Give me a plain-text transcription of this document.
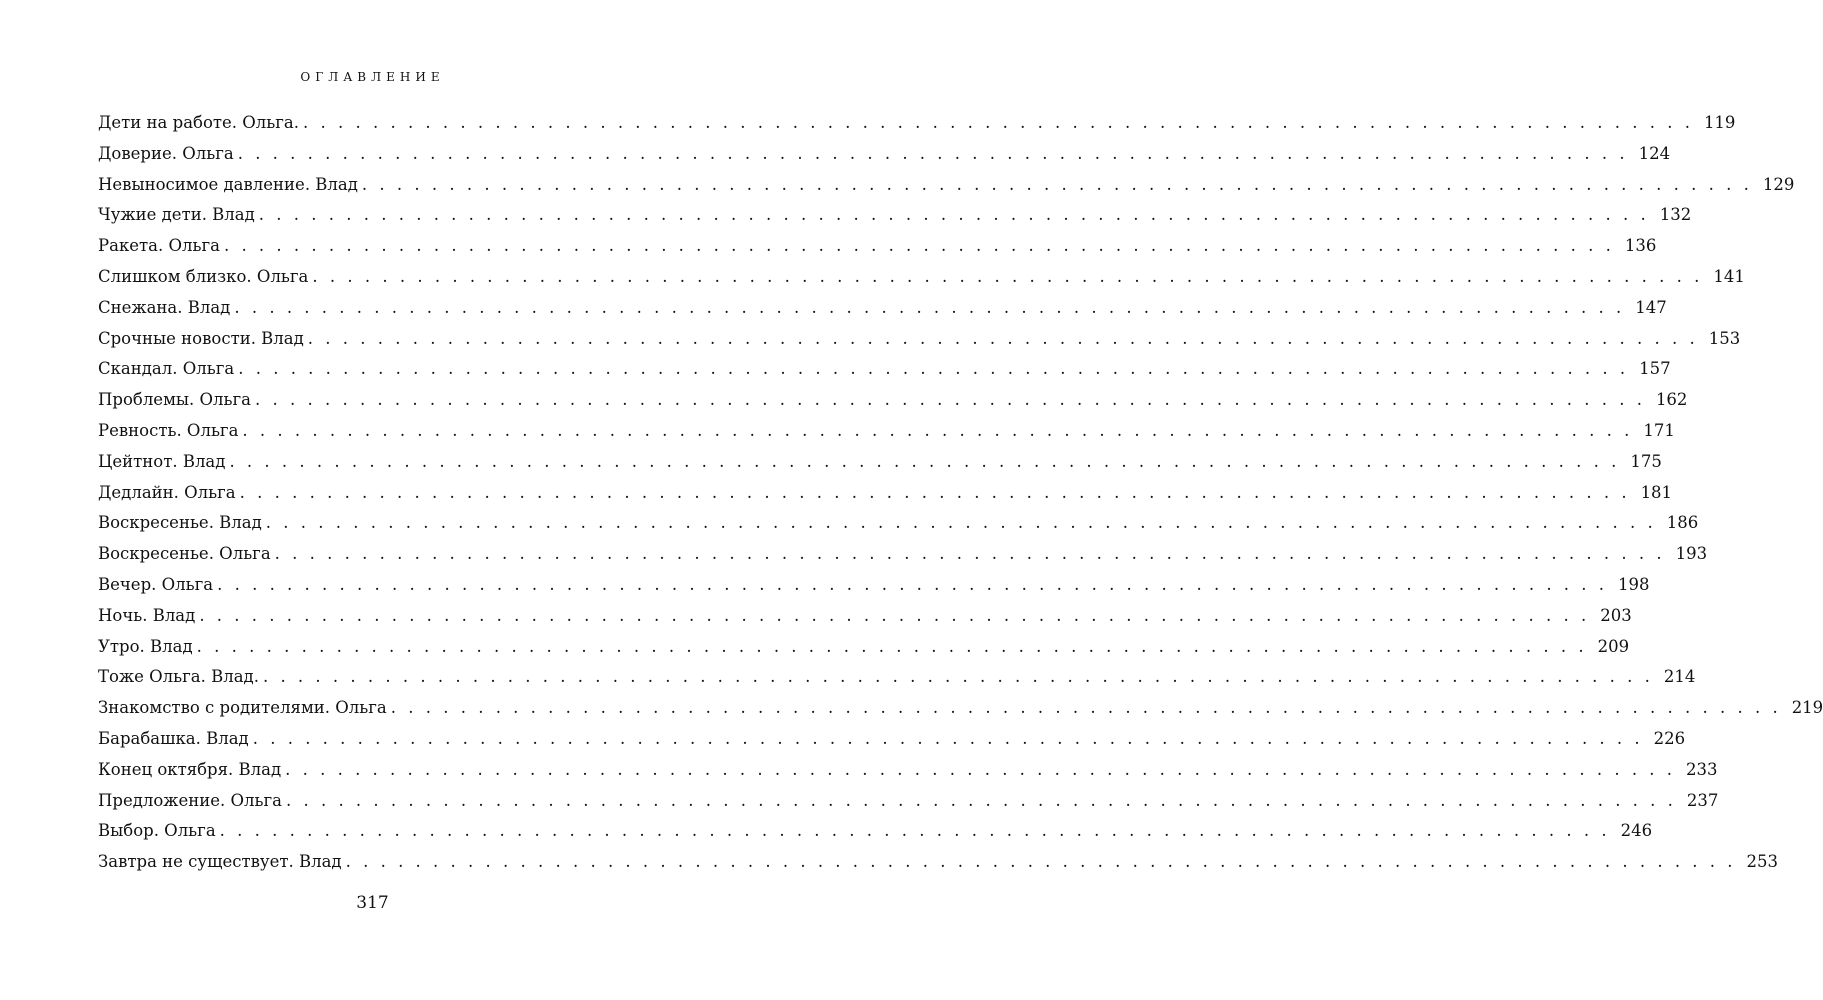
ОГЛАВЛЕНИЕ
Дети на работе. Ольга. . . . . . . . . . . . . . . . . . . . . . . . . . . . . . . . . . . . . . . . . . . . . . . . . . . . . . . . . . . . . . . . . . . . . . . . . . . . . . . . . 119
Доверие. Ольга . . . . . . . . . . . . . . . . . . . . . . . . . . . . . . . . . . . . . . . . . . . . . . . . . . . . . . . . . . . . . . . . . . . . . . . . . . . . . . . . 124
Невыносимое давление. Влад . . . . . . . . . . . . . . . . . . . . . . . . . . . . . . . . . . . . . . . . . . . . . . . . . . . . . . . . . . . . . . . . . . . . . . . . . . . . . . . . 129
Чужие дети. Влад . . . . . . . . . . . . . . . . . . . . . . . . . . . . . . . . . . . . . . . . . . . . . . . . . . . . . . . . . . . . . . . . . . . . . . . . . . . . . . . . 132
Ракета. Ольга . . . . . . . . . . . . . . . . . . . . . . . . . . . . . . . . . . . . . . . . . . . . . . . . . . . . . . . . . . . . . . . . . . . . . . . . . . . . . . . . 136
Слишком близко. Ольга . . . . . . . . . . . . . . . . . . . . . . . . . . . . . . . . . . . . . . . . . . . . . . . . . . . . . . . . . . . . . . . . . . . . . . . . . . . . . . . . 141
Снежана. Влад . . . . . . . . . . . . . . . . . . . . . . . . . . . . . . . . . . . . . . . . . . . . . . . . . . . . . . . . . . . . . . . . . . . . . . . . . . . . . . . . 147
Срочные новости. Влад . . . . . . . . . . . . . . . . . . . . . . . . . . . . . . . . . . . . . . . . . . . . . . . . . . . . . . . . . . . . . . . . . . . . . . . . . . . . . . . . 153
Скандал. Ольга . . . . . . . . . . . . . . . . . . . . . . . . . . . . . . . . . . . . . . . . . . . . . . . . . . . . . . . . . . . . . . . . . . . . . . . . . . . . . . . . 157
Проблемы. Ольга . . . . . . . . . . . . . . . . . . . . . . . . . . . . . . . . . . . . . . . . . . . . . . . . . . . . . . . . . . . . . . . . . . . . . . . . . . . . . . . . 162
Ревность. Ольга . . . . . . . . . . . . . . . . . . . . . . . . . . . . . . . . . . . . . . . . . . . . . . . . . . . . . . . . . . . . . . . . . . . . . . . . . . . . . . . . 171
Цейтнот. Влад . . . . . . . . . . . . . . . . . . . . . . . . . . . . . . . . . . . . . . . . . . . . . . . . . . . . . . . . . . . . . . . . . . . . . . . . . . . . . . . . 175
Дедлайн. Ольга . . . . . . . . . . . . . . . . . . . . . . . . . . . . . . . . . . . . . . . . . . . . . . . . . . . . . . . . . . . . . . . . . . . . . . . . . . . . . . . . 181
Воскресенье. Влад . . . . . . . . . . . . . . . . . . . . . . . . . . . . . . . . . . . . . . . . . . . . . . . . . . . . . . . . . . . . . . . . . . . . . . . . . . . . . . . . 186
Воскресенье. Ольга . . . . . . . . . . . . . . . . . . . . . . . . . . . . . . . . . . . . . . . . . . . . . . . . . . . . . . . . . . . . . . . . . . . . . . . . . . . . . . . . 193
Вечер. Ольга . . . . . . . . . . . . . . . . . . . . . . . . . . . . . . . . . . . . . . . . . . . . . . . . . . . . . . . . . . . . . . . . . . . . . . . . . . . . . . . . 198
Ночь. Влад . . . . . . . . . . . . . . . . . . . . . . . . . . . . . . . . . . . . . . . . . . . . . . . . . . . . . . . . . . . . . . . . . . . . . . . . . . . . . . . . 203
Утро. Влад . . . . . . . . . . . . . . . . . . . . . . . . . . . . . . . . . . . . . . . . . . . . . . . . . . . . . . . . . . . . . . . . . . . . . . . . . . . . . . . . 209
Тоже Ольга. Влад. . . . . . . . . . . . . . . . . . . . . . . . . . . . . . . . . . . . . . . . . . . . . . . . . . . . . . . . . . . . . . . . . . . . . . . . . . . . . . . . . 214
Знакомство с родителями. Ольга . . . . . . . . . . . . . . . . . . . . . . . . . . . . . . . . . . . . . . . . . . . . . . . . . . . . . . . . . . . . . . . . . . . . . . . . . . . . . . . . 219
Барабашка. Влад . . . . . . . . . . . . . . . . . . . . . . . . . . . . . . . . . . . . . . . . . . . . . . . . . . . . . . . . . . . . . . . . . . . . . . . . . . . . . . . . 226
Конец октября. Влад . . . . . . . . . . . . . . . . . . . . . . . . . . . . . . . . . . . . . . . . . . . . . . . . . . . . . . . . . . . . . . . . . . . . . . . . . . . . . . . . 233
Предложение. Ольга . . . . . . . . . . . . . . . . . . . . . . . . . . . . . . . . . . . . . . . . . . . . . . . . . . . . . . . . . . . . . . . . . . . . . . . . . . . . . . . . 237
Выбор. Ольга . . . . . . . . . . . . . . . . . . . . . . . . . . . . . . . . . . . . . . . . . . . . . . . . . . . . . . . . . . . . . . . . . . . . . . . . . . . . . . . . 246
Завтра не существует. Влад . . . . . . . . . . . . . . . . . . . . . . . . . . . . . . . . . . . . . . . . . . . . . . . . . . . . . . . . . . . . . . . . . . . . . . . . . . . . . . . . 253
317
